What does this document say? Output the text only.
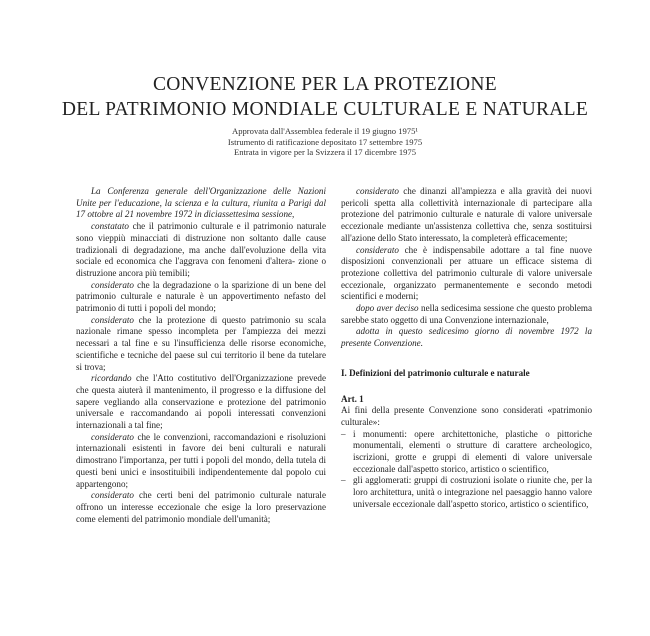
CONVENZIONE PER LA PROTEZIONE
DEL PATRIMONIO MONDIALE CULTURALE E NATURALE
Approvata dall'Assemblea federale il 19 giugno 1975¹
Istrumento di ratificazione depositato 17 settembre 1975
Entrata in vigore per la Svizzera il 17 dicembre 1975

La Conferenza generale dell'Organizzazione delle Nazioni Unite per l'educazione, la scienza e la cultura, riunita a Parigi dal 17 ottobre al 21 novembre 1972 in diciassettesima sessione,

constatato che il patrimonio culturale e il patrimonio naturale sono vieppiù minacciati di distruzione non soltanto dalle cause tradizionali di degradazione, ma anche dall'evoluzione della vita sociale ed economica che l'aggrava con fenomeni d'altera- zione o distruzione ancora più temibili;

considerato che la degradazione o la sparizione di un bene del patrimonio culturale e naturale è un appovertimento nefasto del patrimonio di tutti i popoli del mondo;

considerato che la protezione di questo patrimonio su scala nazionale rimane spesso incompleta per l'ampiezza dei mezzi necessari a tal fine e su l'insufficienza delle risorse economiche, scientifiche e tecniche del paese sul cui territorio il bene da tutelare si trova;

ricordando che l'Atto costitutivo dell'Organizzazione prevede che questa aiuterà il mantenimento, il progresso e la diffusione del sapere vegliando alla conservazione e protezione del patrimonio universale e raccomandando ai popoli interessati convenzioni internazionali a tal fine;

considerato che le convenzioni, raccomandazioni e risoluzioni internazionali esistenti in favore dei beni culturali e naturali dimostrano l'importanza, per tutti i popoli del mondo, della tutela di questi beni unici e insostituibili indipendentemente dal popolo cui appartengono;

considerato che certi beni del patrimonio culturale naturale offrono un interesse eccezionale che esige la loro preservazione come elementi del patrimonio mondiale dell'umanità;

considerato che dinanzi all'ampiezza e alla gravità dei nuovi pericoli spetta alla collettività internazionale di partecipare alla protezione del patrimonio culturale e naturale di valore universale eccezionale mediante un'assistenza collettiva che, senza sostituirsi all'azione dello Stato interessato, la completerà efficacemente;

considerato che è indispensabile adottare a tal fine nuove disposizioni convenzionali per attuare un efficace sistema di protezione collettiva del patrimonio culturale di valore universale eccezionale, organizzato permanentemente e secondo metodi scientifici e moderni;

dopo aver deciso nella sedicesima sessione che questo problema sarebbe stato oggetto di una Convenzione internazionale,

adotta in questo sedicesimo giorno di novembre 1972 la presente Convenzione.

I. Definizioni del patrimonio culturale e naturale
Art. 1

Ai fini della presente Convenzione sono considerati «patrimonio culturale»:

– i monumenti: opere architettoniche, plastiche o pittoriche monumentali, elementi o strutture di carattere archeologico, iscrizioni, grotte e gruppi di elementi di valore universale eccezionale dall'aspetto storico, artistico o scientifico,

– gli agglomerati: gruppi di costruzioni isolate o riunite che, per la loro architettura, unità o integrazione nel paesaggio hanno valore universale eccezionale dall'aspetto storico, artistico o scientifico,
